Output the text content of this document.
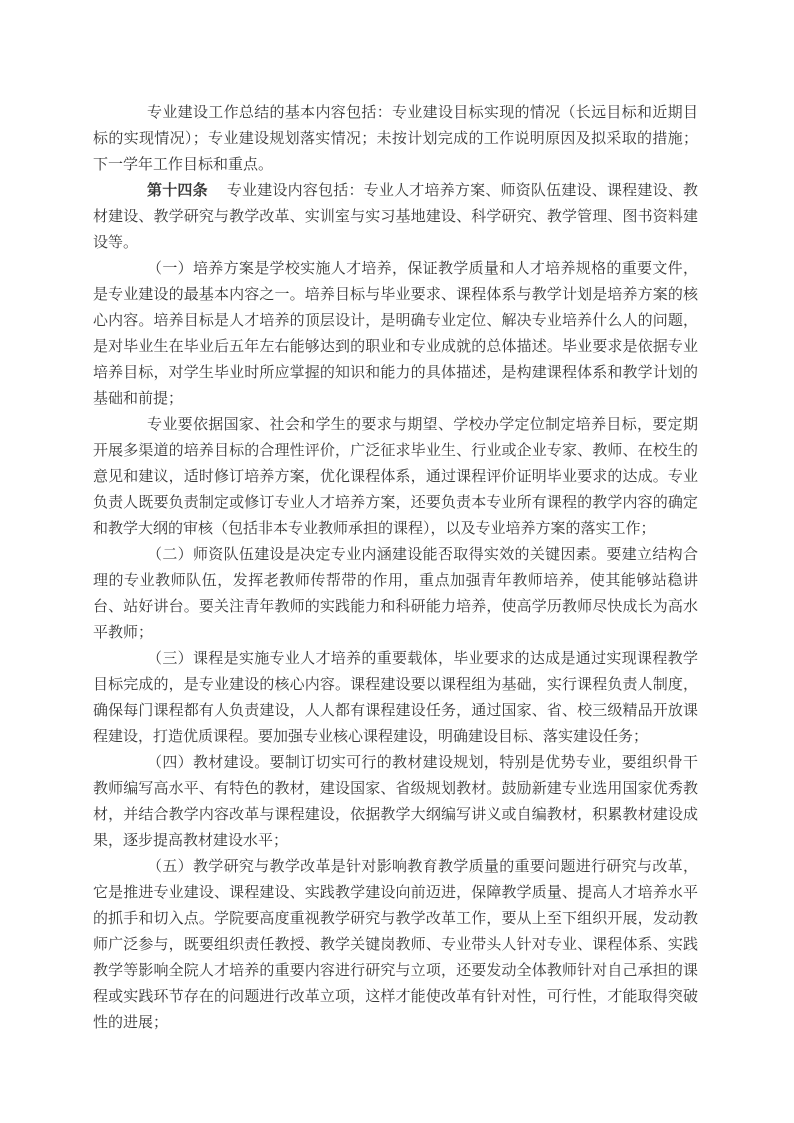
专业建设工作总结的基本内容包括：专业建设目标实现的情况（长远目标和近期目标的实现情况）；专业建设规划落实情况；未按计划完成的工作说明原因及拟采取的措施；下一学年工作目标和重点。

第十四条 专业建设内容包括：专业人才培养方案、师资队伍建设、课程建设、教材建设、教学研究与教学改革、实训室与实习基地建设、科学研究、教学管理、图书资料建设等。

（一）培养方案是学校实施人才培养，保证教学质量和人才培养规格的重要文件，是专业建设的最基本内容之一。培养目标与毕业要求、课程体系与教学计划是培养方案的核心内容。培养目标是人才培养的顶层设计，是明确专业定位、解决专业培养什么人的问题，是对毕业生在毕业后五年左右能够达到的职业和专业成就的总体描述。毕业要求是依据专业培养目标，对学生毕业时所应掌握的知识和能力的具体描述，是构建课程体系和教学计划的基础和前提；

专业要依据国家、社会和学生的要求与期望、学校办学定位制定培养目标，要定期开展多渠道的培养目标的合理性评价，广泛征求毕业生、行业或企业专家、教师、在校生的意见和建议，适时修订培养方案，优化课程体系，通过课程评价证明毕业要求的达成。专业负责人既要负责制定或修订专业人才培养方案，还要负责本专业所有课程的教学内容的确定和教学大纲的审核（包括非本专业教师承担的课程），以及专业培养方案的落实工作；

（二）师资队伍建设是决定专业内涵建设能否取得实效的关键因素。要建立结构合理的专业教师队伍，发挥老教师传帮带的作用，重点加强青年教师培养，使其能够站稳讲台、站好讲台。要关注青年教师的实践能力和科研能力培养，使高学历教师尽快成长为高水平教师；

（三）课程是实施专业人才培养的重要载体，毕业要求的达成是通过实现课程教学目标完成的，是专业建设的核心内容。课程建设要以课程组为基础，实行课程负责人制度，确保每门课程都有人负责建设，人人都有课程建设任务，通过国家、省、校三级精品开放课程建设，打造优质课程。要加强专业核心课程建设，明确建设目标、落实建设任务；

（四）教材建设。要制订切实可行的教材建设规划，特别是优势专业，要组织骨干教师编写高水平、有特色的教材，建设国家、省级规划教材。鼓励新建专业选用国家优秀教材，并结合教学内容改革与课程建设，依据教学大纲编写讲义或自编教材，积累教材建设成果，逐步提高教材建设水平；

（五）教学研究与教学改革是针对影响教育教学质量的重要问题进行研究与改革，它是推进专业建设、课程建设、实践教学建设向前迈进，保障教学质量、提高人才培养水平的抓手和切入点。学院要高度重视教学研究与教学改革工作，要从上至下组织开展，发动教师广泛参与，既要组织责任教授、教学关键岗教师、专业带头人针对专业、课程体系、实践教学等影响全院人才培养的重要内容进行研究与立项，还要发动全体教师针对自己承担的课程或实践环节存在的问题进行改革立项，这样才能使改革有针对性，可行性，才能取得突破性的进展；
